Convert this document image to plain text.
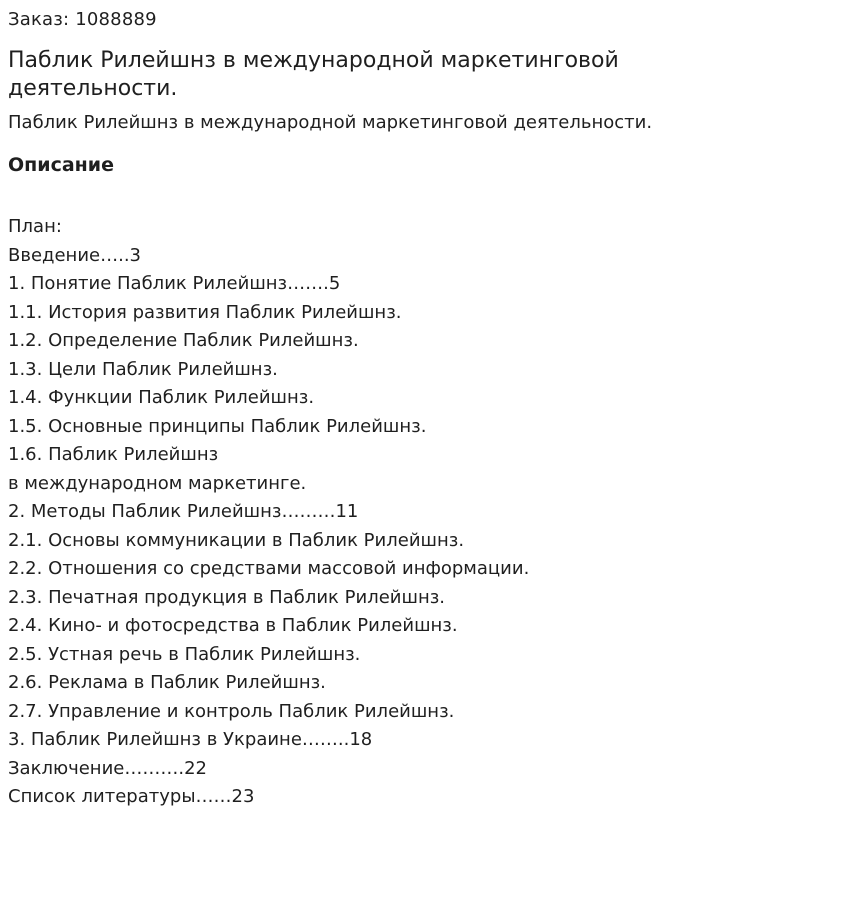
Заказ: 1088889

Паблик Рилейшнз в международной маркетинговой деятельности.

Паблик Рилейшнз в международной маркетинговой деятельности.

Описание
План:
Введение…..3
1. Понятие Паблик Рилейшнз…….5
1.1. История развития Паблик Рилейшнз.
1.2. Определение Паблик Рилейшнз.
1.3. Цели Паблик Рилейшнз.
1.4. Функции Паблик Рилейшнз.
1.5. Основные принципы Паблик Рилейшнз.
1.6. Паблик Рилейшнз
в международном маркетинге.
2. Методы Паблик Рилейшнз………11
2.1. Основы коммуникации в Паблик Рилейшнз.
2.2. Отношения со средствами массовой информации.
2.3. Печатная продукция в Паблик Рилейшнз.
2.4. Кино- и фотосредства в Паблик Рилейшнз.
2.5. Устная речь в Паблик Рилейшнз.
2.6. Реклама в Паблик Рилейшнз.
2.7. Управление и контроль Паблик Рилейшнз.
3. Паблик Рилейшнз в Украине……..18
Заключение……….22
Список литературы……23
